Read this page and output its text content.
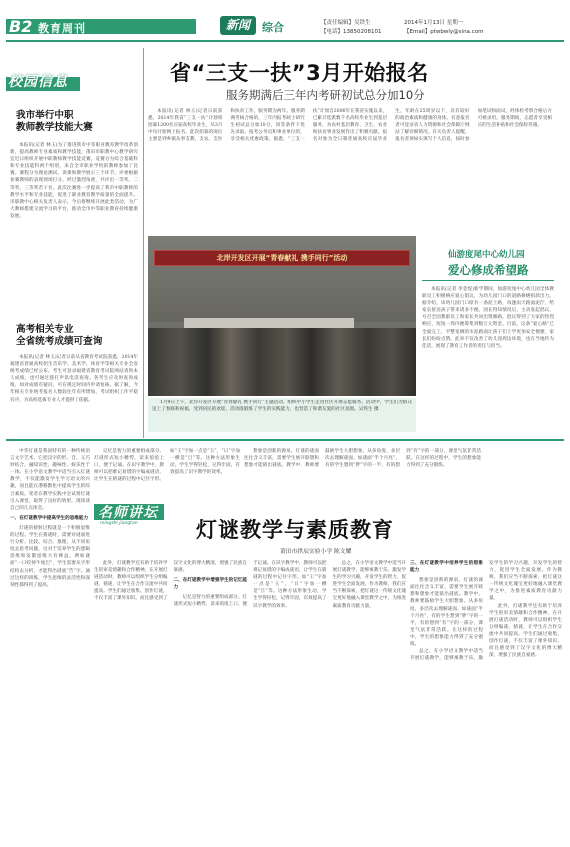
B2 教育周刊	新闻	综合	【责任编辑】吴铁生	2014年1月13日 星期一
【电话】13850208101	【Email】ptwbwly@sina.com
校园信息
我市举行中职
教师教学技能大赛

本报讯(记者 林玉)为了推进我市中等职业教育教学改革创新，提高教师专业素质和教学技能，莆田市职教中心教学研究室近日组织开展中职教师教学技能竞赛。竞赛分为综合基础科和专业技能科两个组别，来自全市职业学校的教师参加了比赛。赛程分为理论测试、说课和教学展示三个环节，评委根据参赛教师的表现现场打分。经过激烈角逐，共评出一等奖、二等奖、三等奖若干名。此次比赛进一步提高了我市中职教师的教学水平和专业技能，促进了职业教育教学质量的全面提升。市职教中心相关负责人表示，今后将继续开展此类活动，为广大教师搭建交流学习的平台，推动全市中等职业教育持续健康发展。

高考相关专业
全省统考成绩可查询

本报讯(记者 林玉)记者日前从省教育考试院获悉，2014年福建省普通高校招生音乐学、美术学、体育学等相关专业全省统考成绩已经公布。考生可登录福建省教育考试院网站查询本人成绩，也可通过拨打声讯电话查询。各考生应及时查询成绩，如对成绩有疑问，可在规定时间内申请复核。据了解，今年相关专业统考报名人数较往年有所增加，考试组织工作平稳有序，为高校选拔专业人才提供了依据。

省“三支一扶”3月开始报名
服务期满后三年内考研初试总分加10分

本报讯(记者 林玉)记者日前获悉，2014年我省“三支一扶”计划将招募1200名应届高校毕业生，从3月中旬开始网上报名。此次招募的岗位主要是到乡镇从事支教、支农、支医和扶贫工作，服务期为两年。服务期满考核合格的，三年内报考硕士研究生初试总分加10分，同等条件下优先录取。报考公务员和事业单位的，享受相关优惠政策。据悉，“三支一扶”计划自2006年在我省实施以来，已累计选派数千名高校毕业生到基层服务，为农村基层教育、卫生、农业和扶贫事业发展作出了积极贡献。报名对象为全日制普通高校应届毕业生，年龄在25周岁以下，具有较好的政治素质和健康的身体。有意报名者可登录省人力资源和社会保障厅网站了解详细情况。有关负责人提醒，报名者须如实填写个人信息，按时参加笔试和面试，经体检考察合格后方可被录用。服务期间，志愿者享受相应的生活补贴和社会保险待遇。

北岸开发区开展“青春献礼 携手同行”活动
1月9日上午，北岸开发区开展“青春献礼 携手同行”主题活动，组织中小学生走进社区开展志愿服务。活动中，学生们为群众送上了春联和祝福，受到居民的欢迎。活动既锻炼了学生的实践能力，也营造了和谐友爱的社区氛围。吴铁生 摄
仙游度尾中心幼儿园
爱心修成希望路

本报讯(记者 李金煌)新学期间，仙游度尾中心幼儿园全体教职员工积极响应爱心倡议，为幼儿园门口的道路修缮捐款出力。据介绍，该幼儿园门口原有一条泥土路，每逢雨天路面泥泞，给家长接送孩子带来诸多不便。园长得知情况后，主动发起倡议，号召全园教职员工和家长共同出资修路。倡议得到了大家的热烈响应，短短一周内便筹集到数万元资金。目前，这条“爱心路”已全面完工，平整宽阔的水泥路面让孩子们上学更加安全便捷，家长们纷纷点赞。此举不仅改善了幼儿园周边环境，也在当地传为佳话，展现了教育工作者的责任与担当。

中华灯谜是我国特有的一种传统语言文字艺术，它把汉字的形、音、义巧妙结合，融知识性、趣味性、娱乐性于一体。在小学语文教学中适当引入灯谜教学，不仅能激发学生学习语文的兴趣，而且能在潜移默化中提高学生的综合素质。笔者在教学实践中尝试将灯谜引入课堂，取得了良好的效果，现谈谈自己的几点体会。

一、在灯谜教学中提高学生的思维能力

灯谜的猜射过程就是一个积极思维的过程。学生在猜谜时，需要对谜面进行分析、比较、综合、推理，从不同角度去思考问题，这对于培养学生的逻辑思维和发散思维大有裨益。例如谜面“一口咬掉牛尾巴”，学生需要从字形结构去分析，才能得出谜底“告”字。通过这样的训练，学生思维的灵活性和深刻性都得到了提高。

名师讲坛
mingshi jiangtan	灯谜教学与素质教育
莆田市拱辰实验小学 陈文耀

记忆是智力的重要组成部分。灯谜形式短小精悍，读来琅琅上口，便于记诵。在识字教学中，教师可以把难记易错的字编成谜语，让学生在猜谜的过程中记住字形。如“王”字加一点是“玉”，“日”字加一横是“旦”等。这种方法形象生动，学生学得轻松，记得牢固，有效提高了识字教学的效率。

想象是创新的源泉。灯谜的谜面往往含义丰富，需要学生展开联想和想象才能猜出谜底。教学中，教师要鼓励学生大胆想象，从多角度、多层次去理解谜面。如谜面“半个月亮”，有的学生想到“胖”字的一半，有的想到“有”字的一部分，课堂气氛非常活跃。在这样的过程中，学生的想象能力得到了充分锻炼。

此外，灯谜教学还有助于培养学生的审美情趣和合作精神。在开展灯谜活动时，教师可以组织学生分组编谜、猜谜，让学生在合作交流中共同提高。学生们通过收集、创作灯谜，不仅丰富了课外知识，而且感受到了汉字文化的博大精深，增强了民族自豪感。

二、在灯谜教学中增强学生的记忆能力

记忆是智力的重要组成部分。灯谜形式短小精悍，读来琅琅上口，便于记诵。在识字教学中，教师可以把难记易错的字编成谜语，让学生在猜谜的过程中记住字形。如“王”字加一点是“玉”，“日”字加一横是“旦”等。这种方法形象生动，学生学得轻松，记得牢固，有效提高了识字教学的效率。

总之，在小学语文教学中适当开展灯谜教学，能够寓教于乐，激发学生的学习兴趣，开发学生的智力，促进学生全面发展。作为教师，我们应当不断探索，把灯谜这一传统文化瑰宝更好地融入课堂教学之中，为推进素质教育贡献力量。

三、在灯谜教学中培养学生的想象能力

想象是创新的源泉。灯谜的谜面往往含义丰富，需要学生展开联想和想象才能猜出谜底。教学中，教师要鼓励学生大胆想象，从多角度、多层次去理解谜面。如谜面“半个月亮”，有的学生想到“胖”字的一半，有的想到“有”字的一部分，课堂气氛非常活跃。在这样的过程中，学生的想象能力得到了充分锻炼。

总之，在小学语文教学中适当开展灯谜教学，能够寓教于乐，激发学生的学习兴趣，开发学生的智力，促进学生全面发展。作为教师，我们应当不断探索，把灯谜这一传统文化瑰宝更好地融入课堂教学之中，为推进素质教育贡献力量。

此外，灯谜教学还有助于培养学生的审美情趣和合作精神。在开展灯谜活动时，教师可以组织学生分组编谜、猜谜，让学生在合作交流中共同提高。学生们通过收集、创作灯谜，不仅丰富了课外知识，而且感受到了汉字文化的博大精深，增强了民族自豪感。
